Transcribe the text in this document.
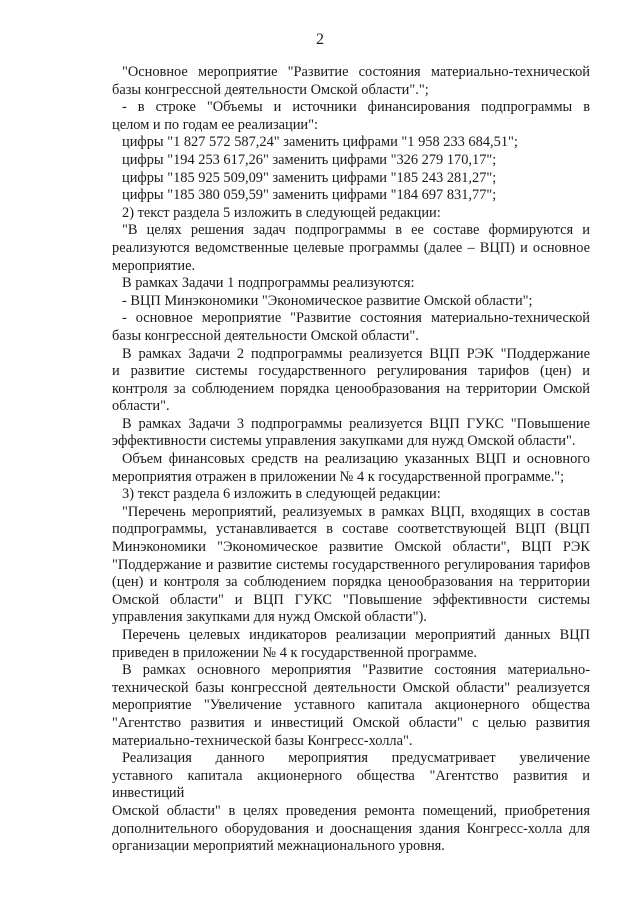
2

"Основное мероприятие "Развитие состояния материально-технической

базы конгрессной деятельности Омской области".";

- в строке "Объемы и источники финансирования подпрограммы в

целом и по годам ее реализации":

цифры "1 827 572 587,24" заменить цифрами "1 958 233 684,51";

цифры "194 253 617,26" заменить цифрами "326 279 170,17";

цифры "185 925 509,09" заменить цифрами "185 243 281,27";

цифры "185 380 059,59" заменить цифрами "184 697 831,77";

2) текст раздела 5 изложить в следующей редакции:

"В целях решения задач подпрограммы в ее составе формируются и

реализуются ведомственные целевые программы (далее – ВЦП) и основное

мероприятие.

В рамках Задачи 1 подпрограммы реализуются:

- ВЦП Минэкономики "Экономическое развитие Омской области";

- основное мероприятие "Развитие состояния материально-технической

базы конгрессной деятельности Омской области".

В рамках Задачи 2 подпрограммы реализуется ВЦП РЭК "Поддержание

и развитие системы государственного регулирования тарифов (цен) и

контроля за соблюдением порядка ценообразования на территории Омской

области".

В рамках Задачи 3 подпрограммы реализуется ВЦП ГУКС "Повышение

эффективности системы управления закупками для нужд Омской области".

Объем финансовых средств на реализацию указанных ВЦП и основного

мероприятия отражен в приложении № 4 к государственной программе.";

3) текст раздела 6 изложить в следующей редакции:

"Перечень мероприятий, реализуемых в рамках ВЦП, входящих в состав

подпрограммы, устанавливается в составе соответствующей ВЦП (ВЦП

Минэкономики "Экономическое развитие Омской области", ВЦП РЭК

"Поддержание и развитие системы государственного регулирования тарифов

(цен) и контроля за соблюдением порядка ценообразования на территории

Омской области" и ВЦП ГУКС "Повышение эффективности системы

управления закупками для нужд Омской области").

Перечень целевых индикаторов реализации мероприятий данных ВЦП

приведен в приложении № 4 к государственной программе.

В рамках основного мероприятия "Развитие состояния материально-

технической базы конгрессной деятельности Омской области" реализуется

мероприятие "Увеличение уставного капитала акционерного общества

"Агентство развития и инвестиций Омской области" с целью развития

материально-технической базы Конгресс-холла".

Реализация данного мероприятия предусматривает увеличение

уставного капитала акционерного общества "Агентство развития и инвестиций

Омской области" в целях проведения ремонта помещений, приобретения

дополнительного оборудования и дооснащения здания Конгресс-холла для

организации мероприятий межнационального уровня.
